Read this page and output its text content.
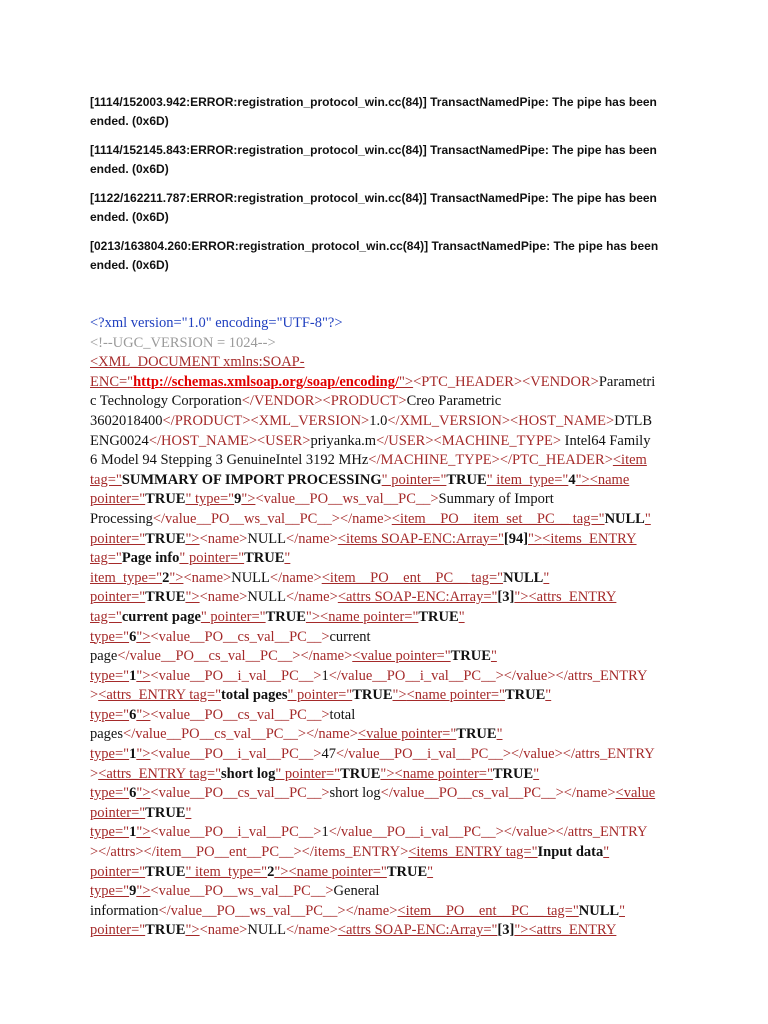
[1114/152003.942:ERROR:registration_protocol_win.cc(84)] TransactNamedPipe: The pipe has been
ended. (0x6D)
[1114/152145.843:ERROR:registration_protocol_win.cc(84)] TransactNamedPipe: The pipe has been
ended. (0x6D)
[1122/162211.787:ERROR:registration_protocol_win.cc(84)] TransactNamedPipe: The pipe has been
ended. (0x6D)
[0213/163804.260:ERROR:registration_protocol_win.cc(84)] TransactNamedPipe: The pipe has been
ended. (0x6D)
<?xml version="1.0" encoding="UTF-8"?>
<!--UGC_VERSION = 1024-->
<XML_DOCUMENT xmlns:SOAP-
ENC="http://schemas.xmlsoap.org/soap/encoding/"><PTC_HEADER><VENDOR>Parametri
c Technology Corporation</VENDOR><PRODUCT>Creo Parametric
3602018400</PRODUCT><XML_VERSION>1.0</XML_VERSION><HOST_NAME>DTLB
ENG0024</HOST_NAME><USER>priyanka.m</USER><MACHINE_TYPE> Intel64 Family
6 Model 94 Stepping 3 GenuineIntel 3192 MHz</MACHINE_TYPE></PTC_HEADER><item
tag="SUMMARY OF IMPORT PROCESSING" pointer="TRUE" item_type="4"><name
pointer="TRUE" type="9"><value__PO__ws_val__PC__>Summary of Import
Processing</value__PO__ws_val__PC__></name><item__PO__item_set__PC__ tag="NULL"
pointer="TRUE"><name>NULL</name><items SOAP-ENC:Array="[94]"><items_ENTRY
tag="Page info" pointer="TRUE"
item_type="2"><name>NULL</name><item__PO__ent__PC__ tag="NULL"
pointer="TRUE"><name>NULL</name><attrs SOAP-ENC:Array="[3]"><attrs_ENTRY
tag="current page" pointer="TRUE"><name pointer="TRUE"
type="6"><value__PO__cs_val__PC__>current
page</value__PO__cs_val__PC__></name><value pointer="TRUE"
type="1"><value__PO__i_val__PC__>1</value__PO__i_val__PC__></value></attrs_ENTRY
><attrs_ENTRY tag="total pages" pointer="TRUE"><name pointer="TRUE"
type="6"><value__PO__cs_val__PC__>total
pages</value__PO__cs_val__PC__></name><value pointer="TRUE"
type="1"><value__PO__i_val__PC__>47</value__PO__i_val__PC__></value></attrs_ENTRY
><attrs_ENTRY tag="short log" pointer="TRUE"><name pointer="TRUE"
type="6"><value__PO__cs_val__PC__>short log</value__PO__cs_val__PC__></name><value
pointer="TRUE"
type="1"><value__PO__i_val__PC__>1</value__PO__i_val__PC__></value></attrs_ENTRY
></attrs></item__PO__ent__PC__></items_ENTRY><items_ENTRY tag="Input data"
pointer="TRUE" item_type="2"><name pointer="TRUE"
type="9"><value__PO__ws_val__PC__>General
information</value__PO__ws_val__PC__></name><item__PO__ent__PC__ tag="NULL"
pointer="TRUE"><name>NULL</name><attrs SOAP-ENC:Array="[3]"><attrs_ENTRY
